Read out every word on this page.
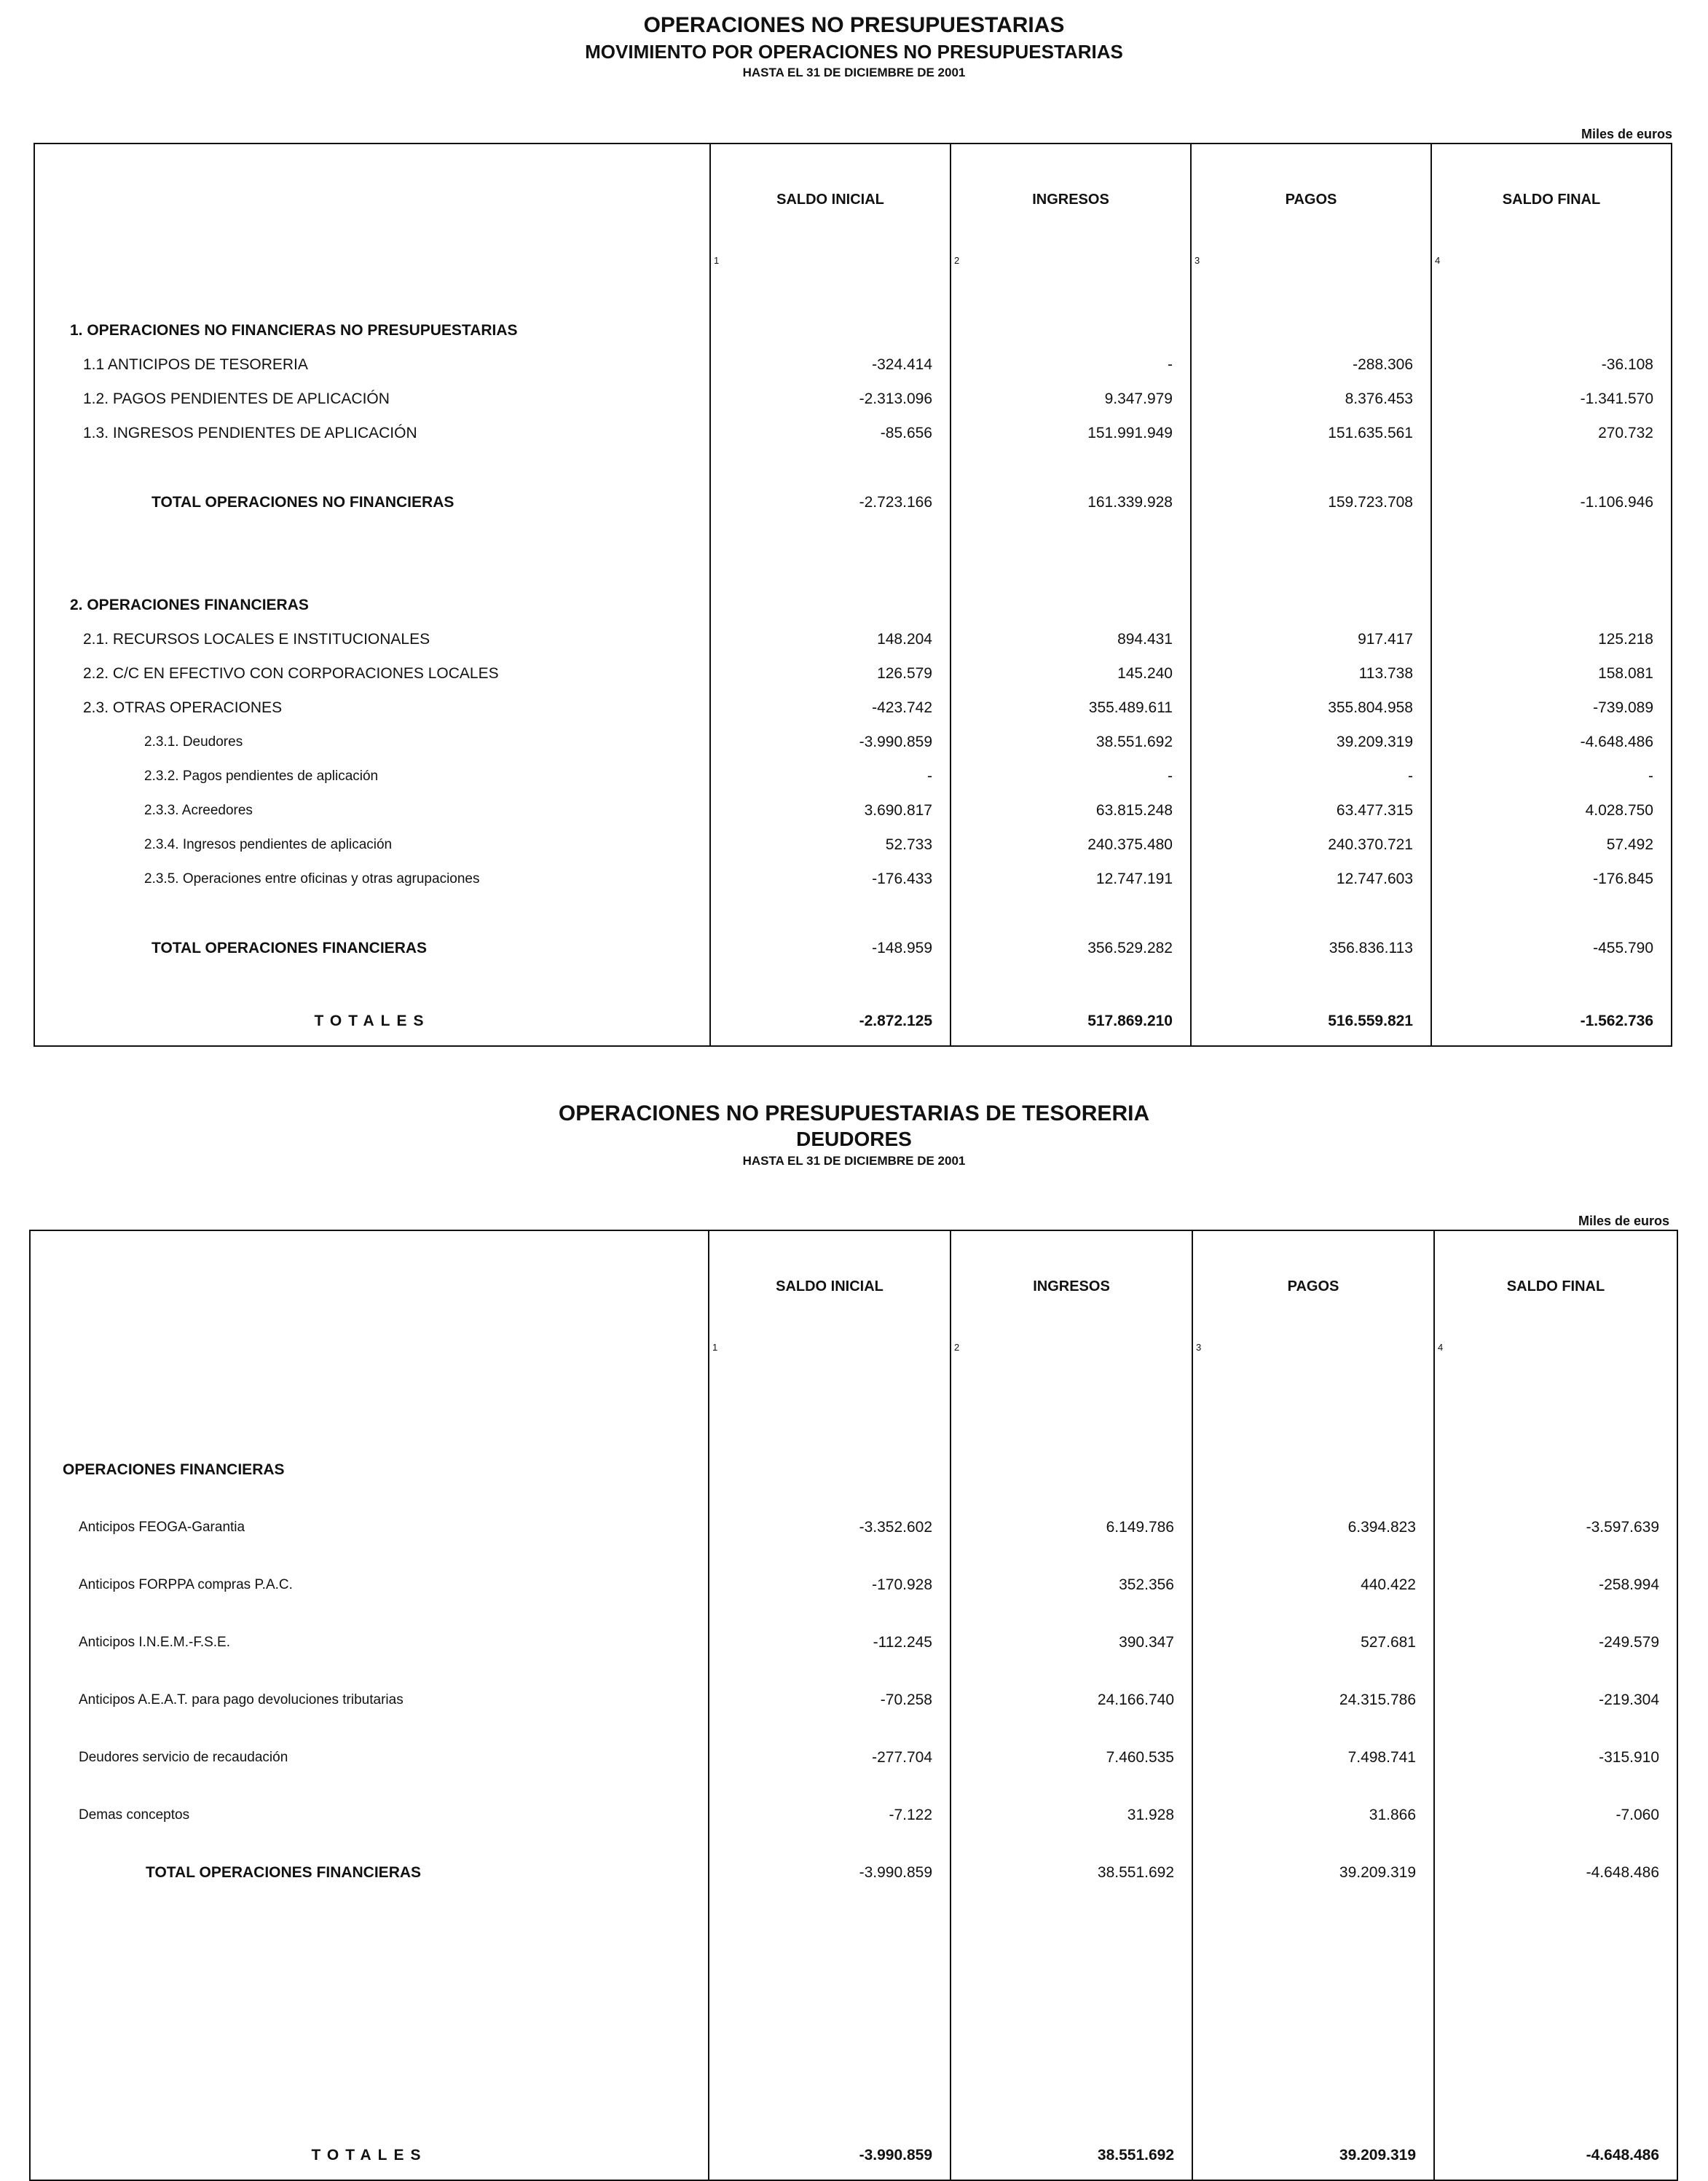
OPERACIONES NO PRESUPUESTARIAS
MOVIMIENTO POR OPERACIONES NO PRESUPUESTARIAS
HASTA EL 31 DE DICIEMBRE DE 2001
Miles de euros
	SALDO INICIAL	INGRESOS	PAGOS	SALDO FINAL
	1	2	3	4

1. OPERACIONES NO FINANCIERAS NO PRESUPUESTARIAS				
1.1 ANTICIPOS DE TESORERIA	-324.414	-	-288.306	-36.108
1.2. PAGOS PENDIENTES DE APLICACIÓN	-2.313.096	9.347.979	8.376.453	-1.341.570
1.3. INGRESOS PENDIENTES DE APLICACIÓN	-85.656	151.991.949	151.635.561	270.732

TOTAL OPERACIONES NO FINANCIERAS	-2.723.166	161.339.928	159.723.708	-1.106.946

2. OPERACIONES FINANCIERAS				
2.1. RECURSOS LOCALES E INSTITUCIONALES	148.204	894.431	917.417	125.218
2.2. C/C EN EFECTIVO CON CORPORACIONES LOCALES	126.579	145.240	113.738	158.081
2.3. OTRAS OPERACIONES	-423.742	355.489.611	355.804.958	-739.089
2.3.1. Deudores	-3.990.859	38.551.692	39.209.319	-4.648.486
2.3.2. Pagos pendientes de aplicación	-	-	-	-
2.3.3. Acreedores	3.690.817	63.815.248	63.477.315	4.028.750
2.3.4. Ingresos pendientes de aplicación	52.733	240.375.480	240.370.721	57.492
2.3.5. Operaciones entre oficinas y otras agrupaciones	-176.433	12.747.191	12.747.603	-176.845

TOTAL OPERACIONES FINANCIERAS	-148.959	356.529.282	356.836.113	-455.790

TOTALES	-2.872.125	517.869.210	516.559.821	-1.562.736
OPERACIONES NO PRESUPUESTARIAS DE TESORERIA
DEUDORES
HASTA EL 31 DE DICIEMBRE DE 2001
Miles de euros
	SALDO INICIAL	INGRESOS	PAGOS	SALDO FINAL
	1	2	3	4

OPERACIONES FINANCIERAS				
Anticipos FEOGA-Garantia	-3.352.602	6.149.786	6.394.823	-3.597.639
Anticipos FORPPA compras P.A.C.	-170.928	352.356	440.422	-258.994
Anticipos I.N.E.M.-F.S.E.	-112.245	390.347	527.681	-249.579
Anticipos A.E.A.T. para pago devoluciones tributarias	-70.258	24.166.740	24.315.786	-219.304
Deudores servicio de recaudación	-277.704	7.460.535	7.498.741	-315.910
Demas conceptos	-7.122	31.928	31.866	-7.060
TOTAL OPERACIONES FINANCIERAS	-3.990.859	38.551.692	39.209.319	-4.648.486

TOTALES	-3.990.859	38.551.692	39.209.319	-4.648.486
